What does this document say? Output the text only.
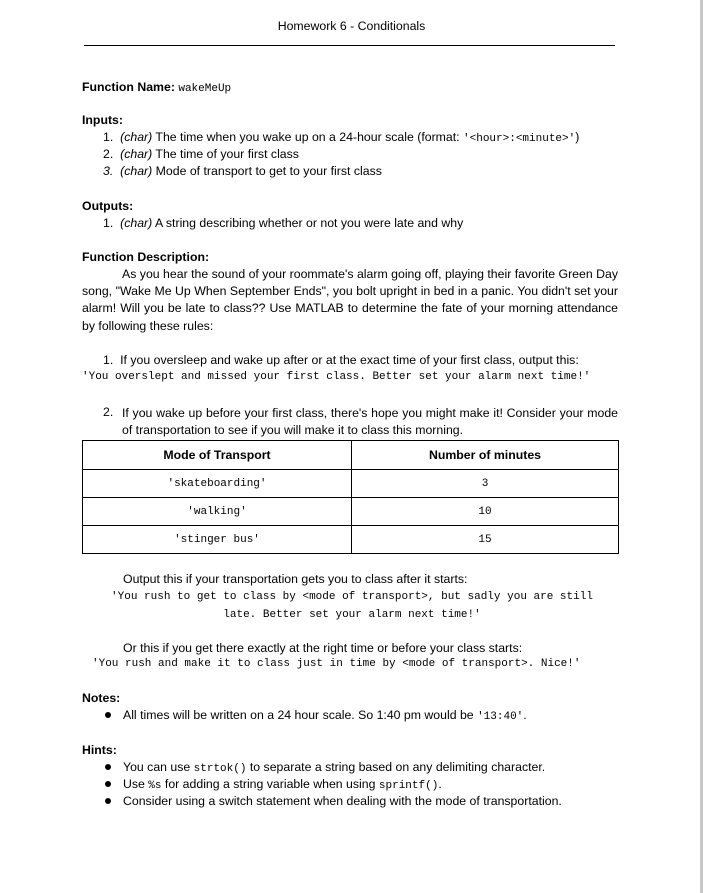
Homework 6 - Conditionals
Function Name: wakeMeUp
Inputs:
1. (char) The time when you wake up on a 24-hour scale (format: '<hour>:<minute>')
2. (char) The time of your first class
3. (char) Mode of transport to get to your first class
Outputs:
1. (char) A string describing whether or not you were late and why
Function Description:
As you hear the sound of your roommate's alarm going off, playing their favorite Green Day song, "Wake Me Up When September Ends", you bolt upright in bed in a panic. You didn't set your alarm! Will you be late to class?? Use MATLAB to determine the fate of your morning attendance by following these rules:
1. If you oversleep and wake up after or at the exact time of your first class, output this:
'You overslept and missed your first class. Better set your alarm next time!'
2. If you wake up before your first class, there's hope you might make it! Consider your mode of transportation to see if you will make it to class this morning.
Mode of Transport	Number of minutes
'skateboarding'	3
'walking'	10
'stinger bus'	15
Output this if your transportation gets you to class after it starts:
'You rush to get to class by <mode of transport>, but sadly you are still
late. Better set your alarm next time!'
Or this if you get there exactly at the right time or before your class starts:
'You rush and make it to class just in time by <mode of transport>. Nice!'
Notes:
All times will be written on a 24 hour scale. So 1:40 pm would be '13:40'.
Hints:
You can use strtok() to separate a string based on any delimiting character.
Use %s for adding a string variable when using sprintf().
Consider using a switch statement when dealing with the mode of transportation.
